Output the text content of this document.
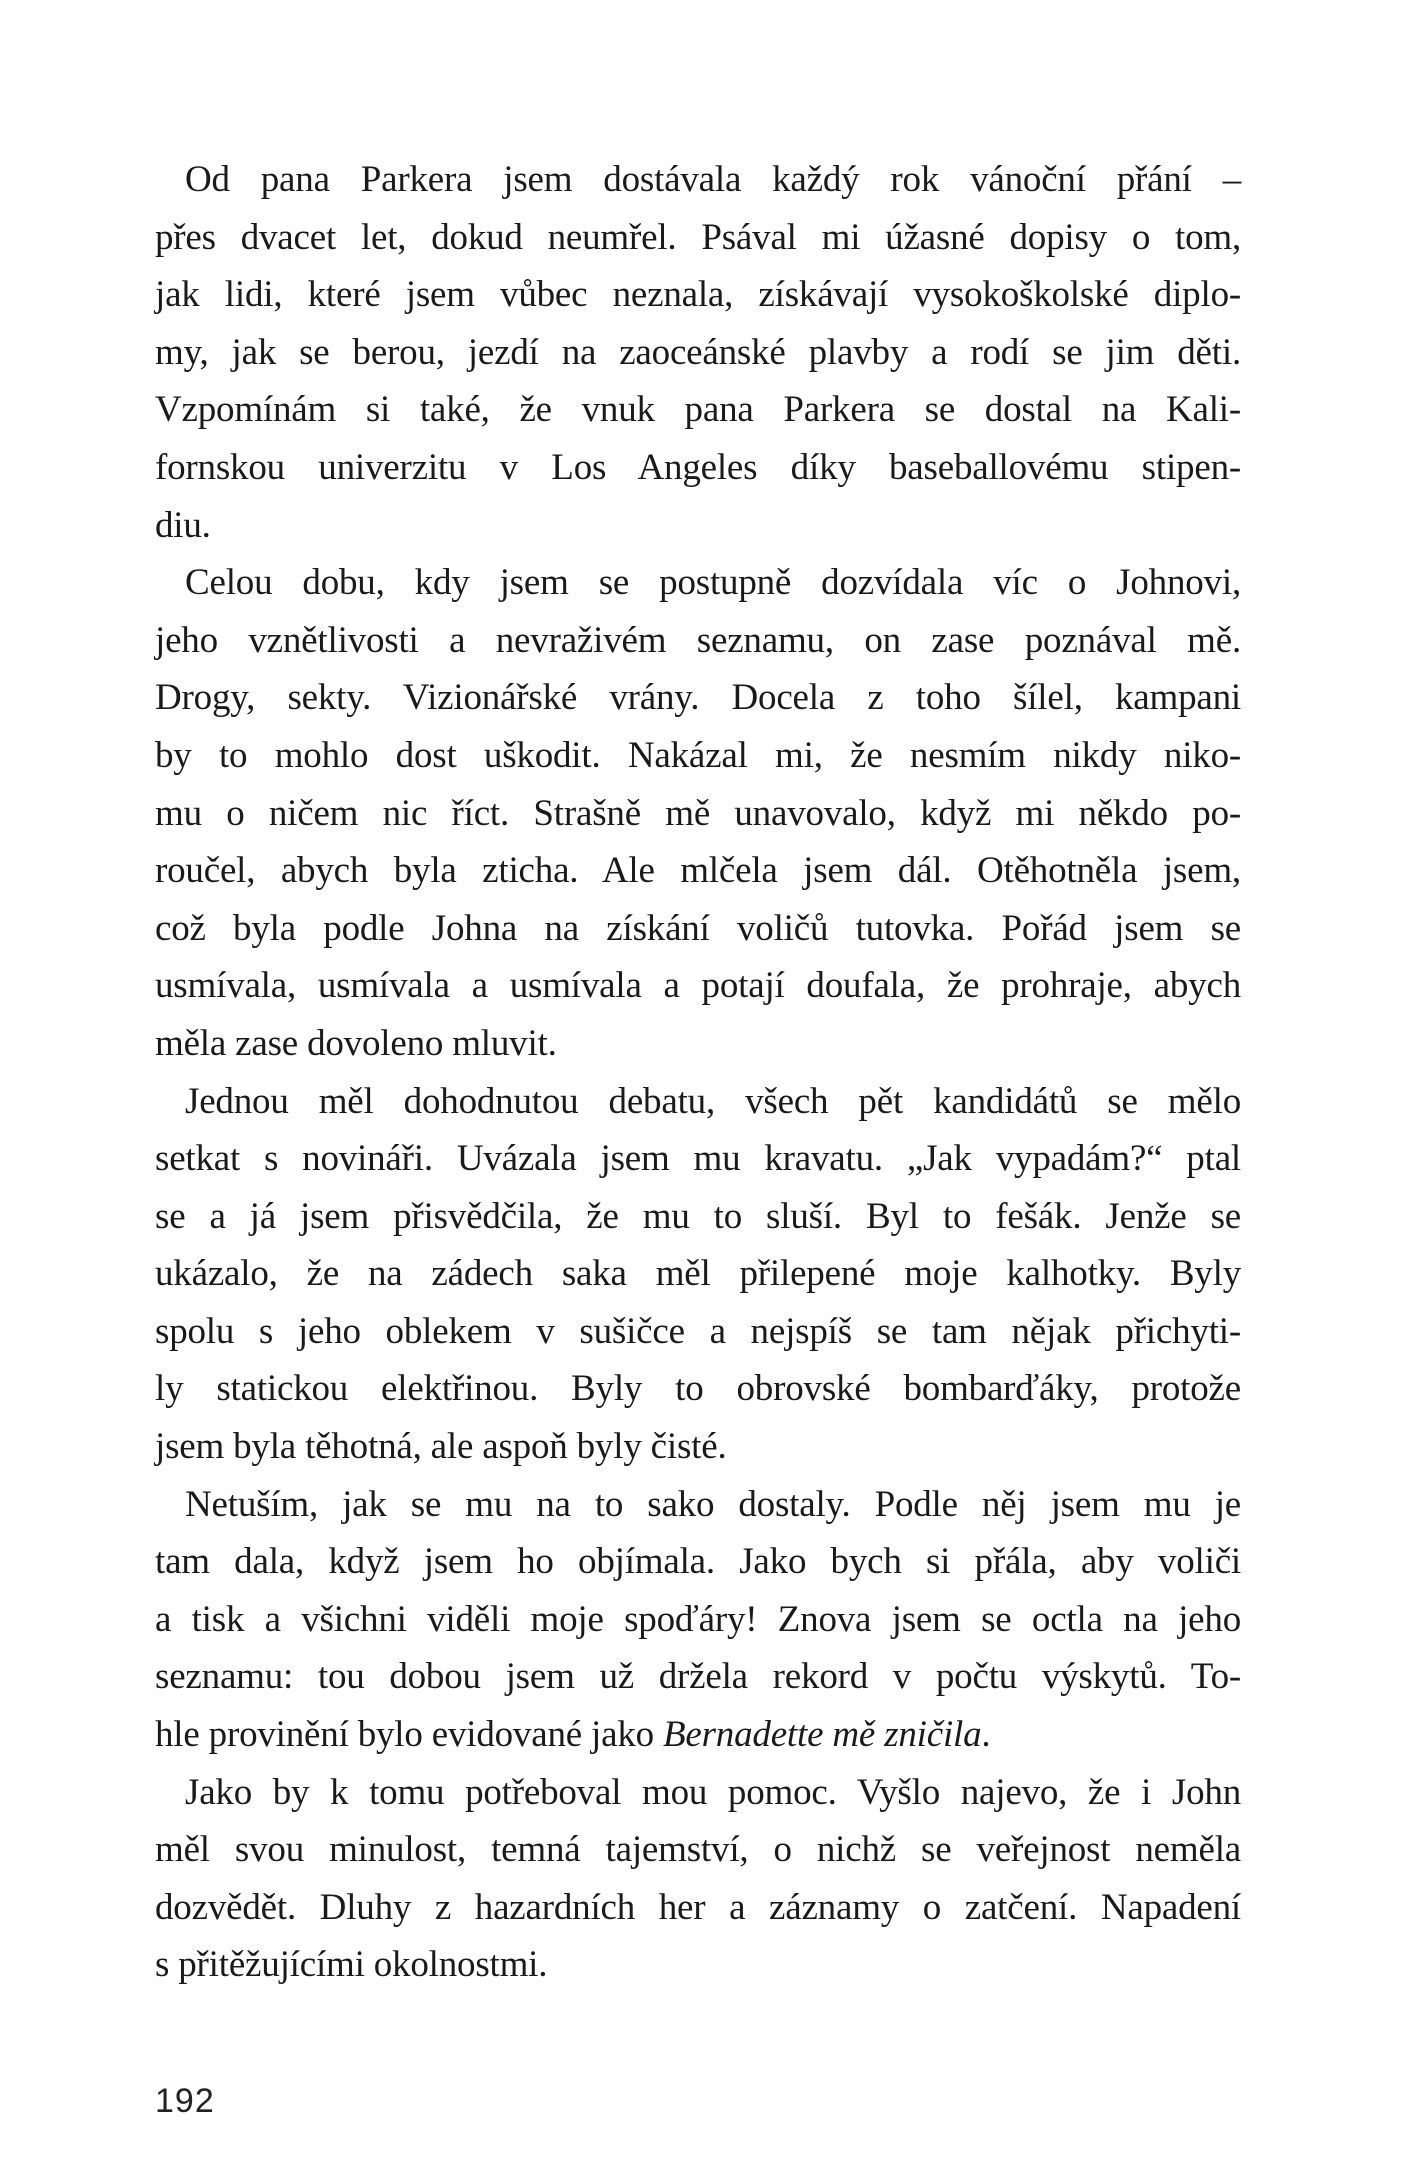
Od pana Parkera jsem dostávala každý rok vánoční přání –
přes dvacet let, dokud neumřel. Psával mi úžasné dopisy o tom,
jak lidi, které jsem vůbec neznala, získávají vysokoškolské diplo-
my, jak se berou, jezdí na zaoceánské plavby a rodí se jim děti.
Vzpomínám si také, že vnuk pana Parkera se dostal na Kali-
fornskou univerzitu v Los Angeles díky baseballovému stipen-
diu.
Celou dobu, kdy jsem se postupně dozvídala víc o Johnovi,
jeho vznětlivosti a nevraživém seznamu, on zase poznával mě.
Drogy, sekty. Vizionářské vrány. Docela z toho šílel, kampani
by to mohlo dost uškodit. Nakázal mi, že nesmím nikdy niko-
mu o ničem nic říct. Strašně mě unavovalo, když mi někdo po-
roučel, abych byla zticha. Ale mlčela jsem dál. Otěhotněla jsem,
což byla podle Johna na získání voličů tutovka. Pořád jsem se
usmívala, usmívala a usmívala a potají doufala, že prohraje, abych
měla zase dovoleno mluvit.
Jednou měl dohodnutou debatu, všech pět kandidátů se mělo
setkat s novináři. Uvázala jsem mu kravatu. „Jak vypadám?“ ptal
se a já jsem přisvědčila, že mu to sluší. Byl to fešák. Jenže se
ukázalo, že na zádech saka měl přilepené moje kalhotky. Byly
spolu s jeho oblekem v sušičce a nejspíš se tam nějak přichyti-
ly statickou elektřinou. Byly to obrovské bombarďáky, protože
jsem byla těhotná, ale aspoň byly čisté.
Netuším, jak se mu na to sako dostaly. Podle něj jsem mu je
tam dala, když jsem ho objímala. Jako bych si přála, aby voliči
a tisk a všichni viděli moje spoďáry! Znova jsem se octla na jeho
seznamu: tou dobou jsem už držela rekord v počtu výskytů. To-
hle provinění bylo evidované jako Bernadette mě zničila.
Jako by k tomu potřeboval mou pomoc. Vyšlo najevo, že i John
měl svou minulost, temná tajemství, o nichž se veřejnost neměla
dozvědět. Dluhy z hazardních her a záznamy o zatčení. Napadení
s přitěžujícími okolnostmi.
192
